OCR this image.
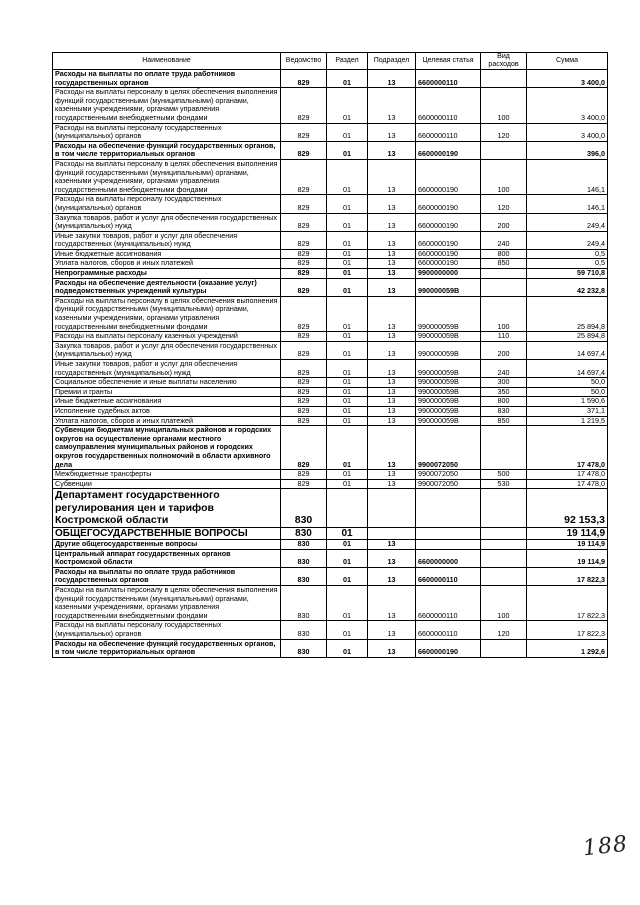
Наименование	Ведомство	Раздел	Подраздел	Целевая статья	Вид расходов	Сумма
Расходы на выплаты по оплате труда работников государственных органов	829	01	13	6600000110		3 400,0
Расходы на выплаты персоналу в целях обеспечения выполнения функций государственными (муниципальными) органами, казенными учреждениями, органами управления государственными внебюджетными фондами	829	01	13	6600000110	100	3 400,0
Расходы на выплаты персоналу государственных (муниципальных) органов	829	01	13	6600000110	120	3 400,0
Расходы на обеспечение функций государственных органов, в том числе территориальных органов	829	01	13	6600000190		396,0
Расходы на выплаты персоналу в целях обеспечения выполнения функций государственными (муниципальными) органами, казенными учреждениями, органами управления государственными внебюджетными фондами	829	01	13	6600000190	100	146,1
Расходы на выплаты персоналу государственных (муниципальных) органов	829	01	13	6600000190	120	146,1
Закупка товаров, работ и услуг для обеспечения государственных (муниципальных) нужд	829	01	13	6600000190	200	249,4
Иные закупки товаров, работ и услуг для обеспечения государственных (муниципальных) нужд	829	01	13	6600000190	240	249,4
Иные бюджетные ассигнования	829	01	13	6600000190	800	0,5
Уплата налогов, сборов и иных платежей	829	01	13	6600000190	850	0,5
Непрограммные расходы	829	01	13	9900000000		59 710,8
Расходы на обеспечение деятельности (оказание услуг) подведомственных учреждений культуры	829	01	13	990000059В		42 232,8
Расходы на выплаты персоналу в целях обеспечения выполнения функций государственными (муниципальными) органами, казенными учреждениями, органами управления государственными внебюджетными фондами	829	01	13	990000059В	100	25 894,8
Расходы на выплаты персоналу казенных учреждений	829	01	13	990000059В	110	25 894,8
Закупка товаров, работ и услуг для обеспечения государственных (муниципальных) нужд	829	01	13	990000059В	200	14 697,4
Иные закупки товаров, работ и услуг для обеспечения государственных (муниципальных) нужд	829	01	13	990000059В	240	14 697,4
Социальное обеспечение и иные выплаты населению	829	01	13	990000059В	300	50,0
Премии и гранты	829	01	13	990000059В	350	50,0
Иные бюджетные ассигнования	829	01	13	990000059В	800	1 590,6
Исполнение судебных актов	829	01	13	990000059В	830	371,1
Уплата налогов, сборов и иных платежей	829	01	13	990000059В	850	1 219,5
Субвенции бюджетам муниципальных районов и городских округов на осуществление органами местного самоуправления муниципальных районов и городских округов государственных полномочий в области архивного дела	829	01	13	9900072050		17 478,0
Межбюджетные трансферты	829	01	13	9900072050	500	17 478,0
Субвенции	829	01	13	9900072050	530	17 478,0
Департамент государственного регулирования цен и тарифов Костромской области	830					92 153,3
ОБЩЕГОСУДАРСТВЕННЫЕ ВОПРОСЫ	830	01				19 114,9
Другие общегосударственные вопросы	830	01	13			19 114,9
Центральный аппарат государственных органов Костромской области	830	01	13	6600000000		19 114,9
Расходы на выплаты по оплате труда работников государственных органов	830	01	13	6600000110		17 822,3
Расходы на выплаты персоналу в целях обеспечения выполнения функций государственными (муниципальными) органами, казенными учреждениями, органами управления государственными внебюджетными фондами	830	01	13	6600000110	100	17 822,3
Расходы на выплаты персоналу государственных (муниципальных) органов	830	01	13	6600000110	120	17 822,3
Расходы на обеспечение функций государственных органов, в том числе территориальных органов	830	01	13	6600000190		1 292,6
188
